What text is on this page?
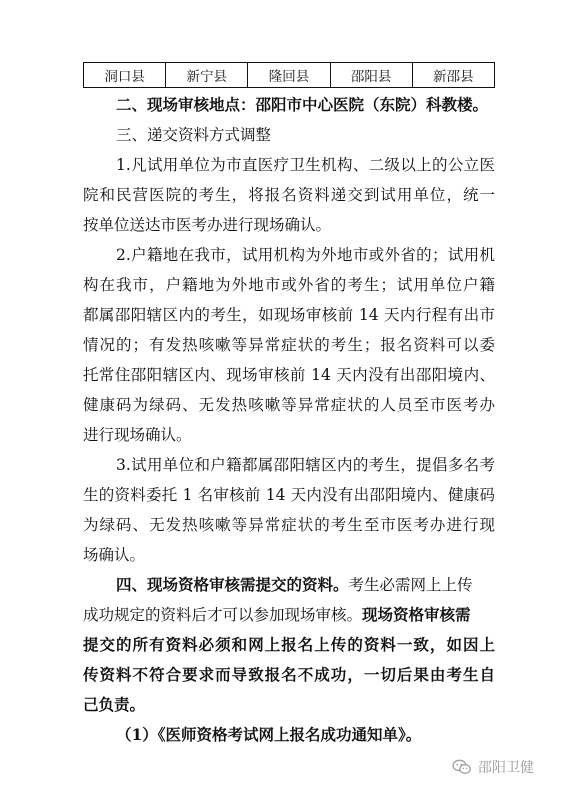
洞口县	新宁县	隆回县	邵阳县	新邵县
二、现场审核地点：邵阳市中心医院（东院）科教楼。
三、递交资料方式调整
1.凡试用单位为市直医疗卫生机构、二级以上的公立医
院和民营医院的考生，将报名资料递交到试用单位，统一
按单位送达市医考办进行现场确认。
2.户籍地在我市，试用机构为外地市或外省的；试用机
构在我市，户籍地为外地市或外省的考生；试用单位户籍
都属邵阳辖区内的考生，如现场审核前 14 天内行程有出市
情况的；有发热咳嗽等异常症状的考生；报名资料可以委
托常住邵阳辖区内、现场审核前 14 天内没有出邵阳境内、
健康码为绿码、无发热咳嗽等异常症状的人员至市医考办
进行现场确认。
3.试用单位和户籍都属邵阳辖区内的考生，提倡多名考
生的资料委托 1 名审核前 14 天内没有出邵阳境内、健康码
为绿码、无发热咳嗽等异常症状的考生至市医考办进行现
场确认。
四、现场资格审核需提交的资料。考生必需网上上传
成功规定的资料后才可以参加现场审核。现场资格审核需
提交的所有资料必须和网上报名上传的资料一致，如因上
传资料不符合要求而导致报名不成功，一切后果由考生自
己负责。
（1）《医师资格考试网上报名成功通知单》。
邵阳卫健
